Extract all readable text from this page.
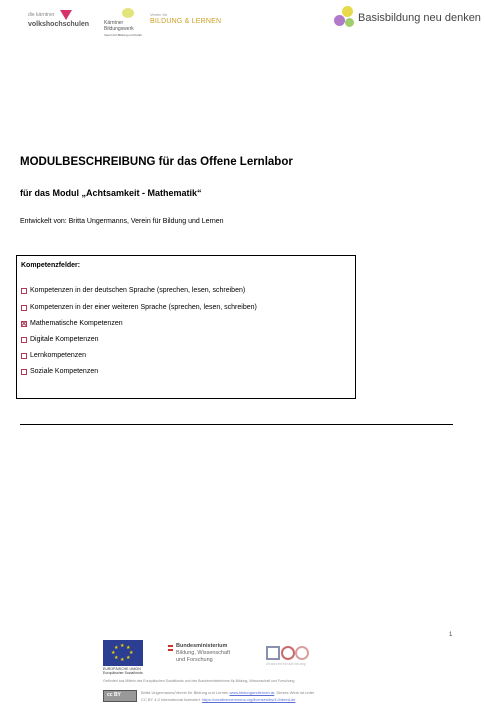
die kärntner
volkshochschulen	Kärntner
Bildungswerk
Verein für Bildung und Kultur
Verein für
BILDUNG & LERNEN	Basisbildung neu denken
MODULBESCHREIBUNG für das Offene Lernlabor
für das Modul „Achtsamkeit - Mathematik“
Entwickelt von: Britta Ungermanns, Verein für Bildung und Lernen
Kompetenzfelder:
Kompetenzen in der deutschen Sprache (sprechen, lesen, schreiben)
Kompetenzen in der einer weiteren Sprache (sprechen, lesen, schreiben)
Mathematische Kompetenzen
Digitale Kompetenzen
Lernkompetenzen
Soziale Kompetenzen
1
★ ★
★
★
★
★
★
★
EUROPÄISCHE UNION
Europäischer Sozialfonds
Bundesministerium
Bildung, Wissenschaft
und Forschung
chanceneinsbildung
Gefördert aus Mitteln des Europäischen Sozialfonds und des Bundesministeriums für Bildung, Wissenschaft und Forschung
cc BY	Britta Ungermanns/Verein für Bildung und Lernen www.bildungundlernen.at. Dieses Werk ist unter
CC BY 4.0 International lizenziert. https://creativecommons.org/licenses/by/4.0/deed.de
